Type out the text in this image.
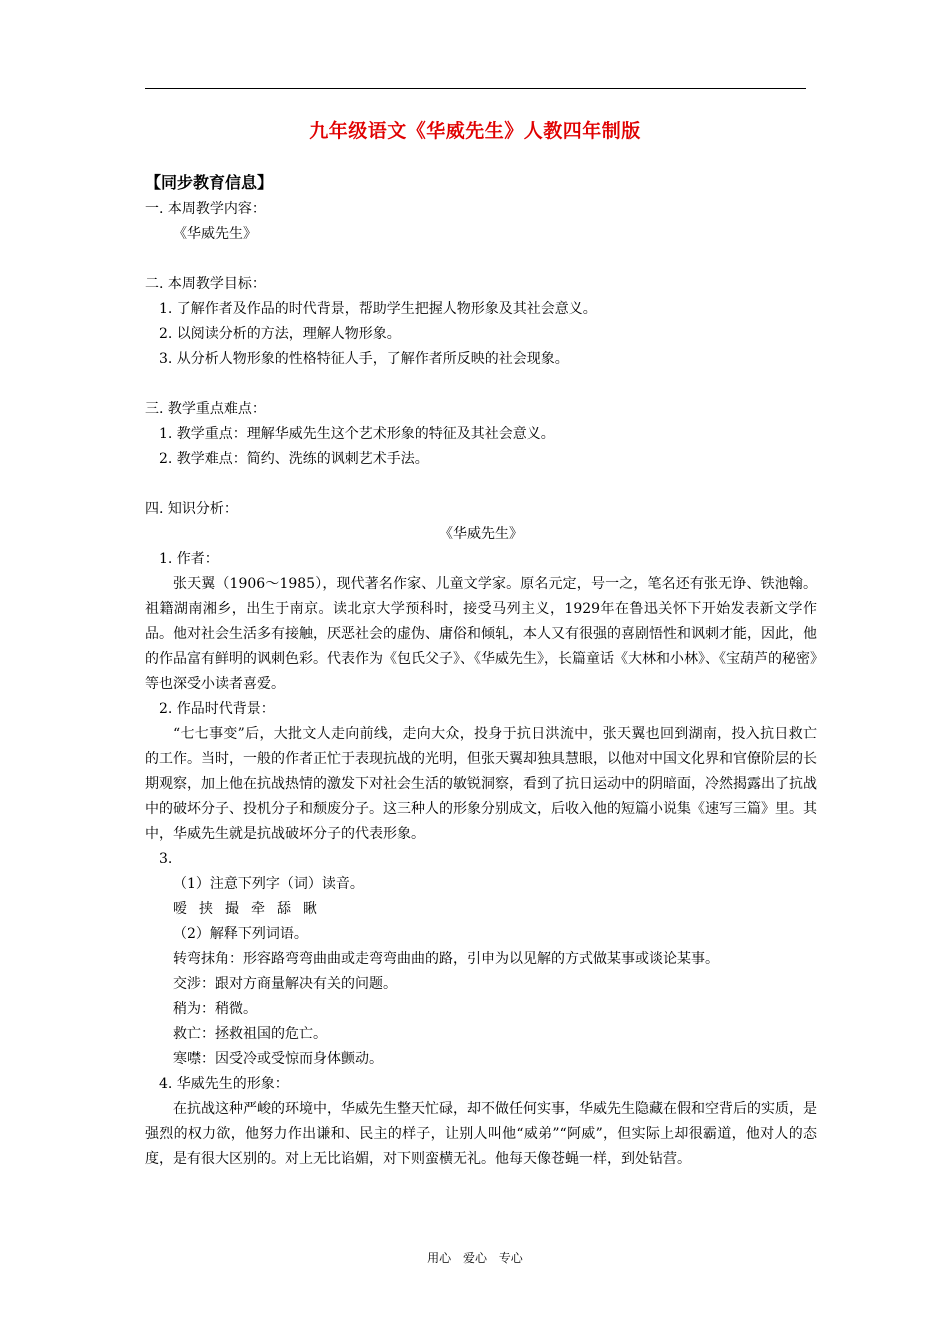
九年级语文《华威先生》人教四年制版
【同步教育信息】
一. 本周教学内容：
《华威先生》
二. 本周教学目标：
1. 了解作者及作品的时代背景，帮助学生把握人物形象及其社会意义。
2. 以阅读分析的方法，理解人物形象。
3. 从分析人物形象的性格特征人手，了解作者所反映的社会现象。
三. 教学重点难点：
1. 教学重点：理解华威先生这个艺术形象的特征及其社会意义。
2. 教学难点：简约、洗练的讽刺艺术手法。
四. 知识分析：
《华威先生》
1. 作者：
张天翼（1906～1985），现代著名作家、儿童文学家。原名元定，号一之，笔名还有张无诤、铁池翰。祖籍湖南湘乡，出生于南京。读北京大学预科时，接受马列主义，1929年在鲁迅关怀下开始发表新文学作品。他对社会生活多有接触，厌恶社会的虚伪、庸俗和倾轧，本人又有很强的喜剧悟性和讽刺才能，因此，他的作品富有鲜明的讽刺色彩。代表作为《包氏父子》、《华威先生》，长篇童话《大林和小林》、《宝葫芦的秘密》等也深受小读者喜爱。
2. 作品时代背景：
“七七事变”后，大批文人走向前线，走向大众，投身于抗日洪流中，张天翼也回到湖南，投入抗日救亡的工作。当时，一般的作者正忙于表现抗战的光明，但张天翼却独具慧眼，以他对中国文化界和官僚阶层的长期观察，加上他在抗战热情的激发下对社会生活的敏锐洞察，看到了抗日运动中的阴暗面，冷然揭露出了抗战中的破坏分子、投机分子和颓废分子。这三种人的形象分别成文，后收入他的短篇小说集《速写三篇》里。其中，华威先生就是抗战破坏分子的代表形象。
3.
（1）注意下列字（词）读音。
嗳 挟 撮 牵 舔 瞅
（2）解释下列词语。
转弯抹角：形容路弯弯曲曲或走弯弯曲曲的路，引申为以见解的方式做某事或谈论某事。
交涉：跟对方商量解决有关的问题。
稍为：稍微。
救亡：拯救祖国的危亡。
寒噤：因受冷或受惊而身体颤动。
4. 华威先生的形象：
在抗战这种严峻的环境中，华威先生整天忙碌，却不做任何实事，华威先生隐藏在假和空背后的实质，是强烈的权力欲，他努力作出谦和、民主的样子，让别人叫他“威弟”“阿威”，但实际上却很霸道，他对人的态度，是有很大区别的。对上无比谄媚，对下则蛮横无礼。他每天像苍蝇一样，到处钻营。
用心 爱心 专心
